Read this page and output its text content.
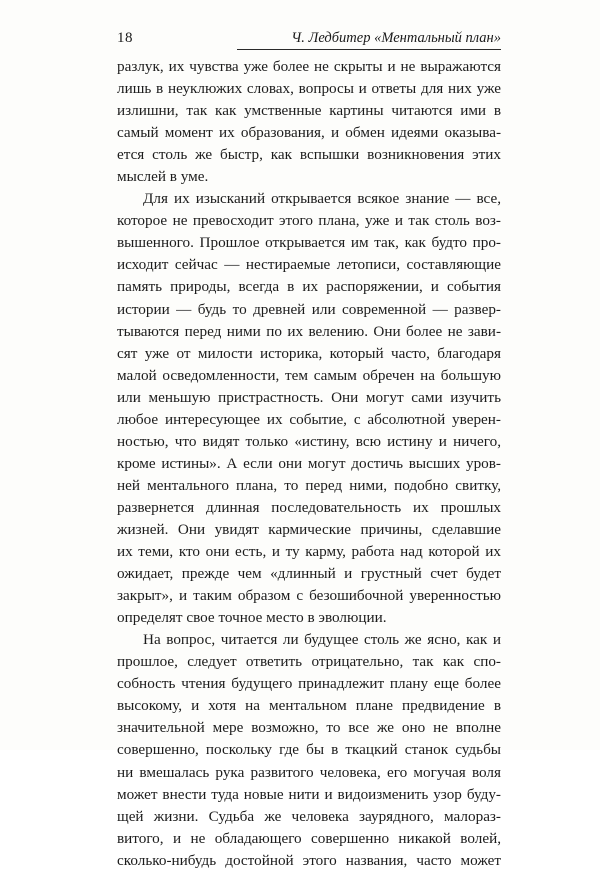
18	Ч. Ледбитер «Ментальный план»
разлук, их чувства уже более не скрыты и не выражаются
лишь в неуклюжих словах, вопросы и ответы для них уже
излишни, так как умственные картины читаются ими в
самый момент их образования, и обмен идеями оказыва-
ется столь же быстр, как вспышки возникновения этих
мыслей в уме.
Для их изысканий открывается всякое знание — все,
которое не превосходит этого плана, уже и так столь воз-
вышенного. Прошлое открывается им так, как будто про-
исходит сейчас — нестираемые летописи, составляющие
память природы, всегда в их распоряжении, и события
истории — будь то древней или современной — развер-
тываются перед ними по их велению. Они более не зави-
сят уже от милости историка, который часто, благодаря
малой осведомленности, тем самым обречен на большую
или меньшую пристрастность. Они могут сами изучить
любое интересующее их событие, с абсолютной уверен-
ностью, что видят только «истину, всю истину и ничего,
кроме истины». А если они могут достичь высших уров-
ней ментального плана, то перед ними, подобно свитку,
развернется длинная последовательность их прошлых
жизней. Они увидят кармические причины, сделавшие
их теми, кто они есть, и ту карму, работа над которой их
ожидает, прежде чем «длинный и грустный счет будет
закрыт», и таким образом с безошибочной уверенностью
определят свое точное место в эволюции.
На вопрос, читается ли будущее столь же ясно, как и
прошлое, следует ответить отрицательно, так как спо-
собность чтения будущего принадлежит плану еще более
высокому, и хотя на ментальном плане предвидение в
значительной мере возможно, то все же оно не вполне
совершенно, поскольку где бы в ткацкий станок судьбы
ни вмешалась рука развитого человека, его могучая воля
может внести туда новые нити и видоизменить узор буду-
щей жизни. Судьба же человека заурядного, малораз-
витого, и не обладающего совершенно никакой волей,
сколько-нибудь достойной этого названия, часто может
